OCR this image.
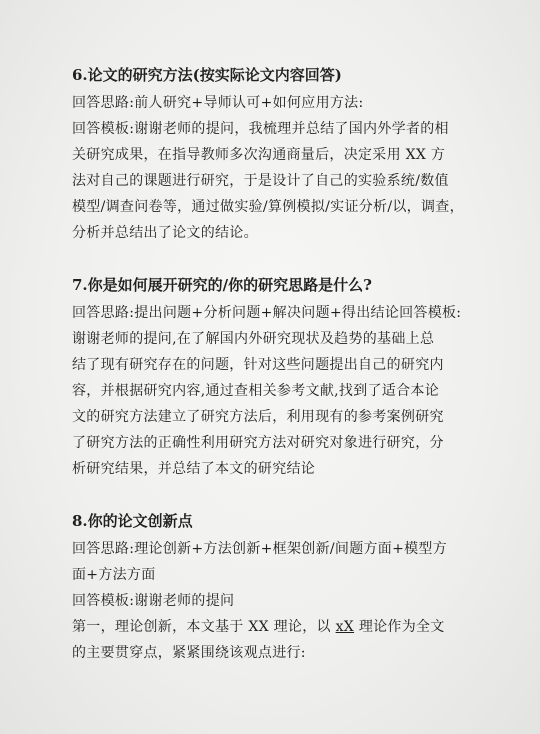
6.论文的研究方法(按实际论文内容回答)
回答思路:前人研究+导师认可+如何应用方法:
回答模板:谢谢老师的提问，我梳理并总结了国内外学者的相
关研究成果，在指导教师多次沟通商量后，决定采用 XX 方
法对自己的课题进行研究，于是设计了自己的实验系统/数值
模型/调查问卷等，通过做实验/算例模拟/实证分析/以，调查，
分析并总结出了论文的结论。
7.你是如何展开研究的/你的研究思路是什么?
回答思路:提出问题+分析问题+解决问题+得出结论回答模板:
谢谢老师的提问,在了解国内外研究现状及趋势的基础上总
结了现有研究存在的问题，针对这些问题提出自己的研究内
容，并根据研究内容,通过查相关参考文献,找到了适合本论
文的研究方法建立了研究方法后，利用现有的参考案例研究
了研究方法的正确性利用研究方法对研究对象进行研究，分
析研究结果，并总结了本文的研究结论
8.你的论文创新点
回答思路:理论创新+方法创新+框架创新/间题方面+模型方
面+方法方面
回答模板:谢谢老师的提问
第一，理论创新，本文基于 XX 理论，以 xX 理论作为全文
的主要贯穿点，紧紧围绕该观点进行:
